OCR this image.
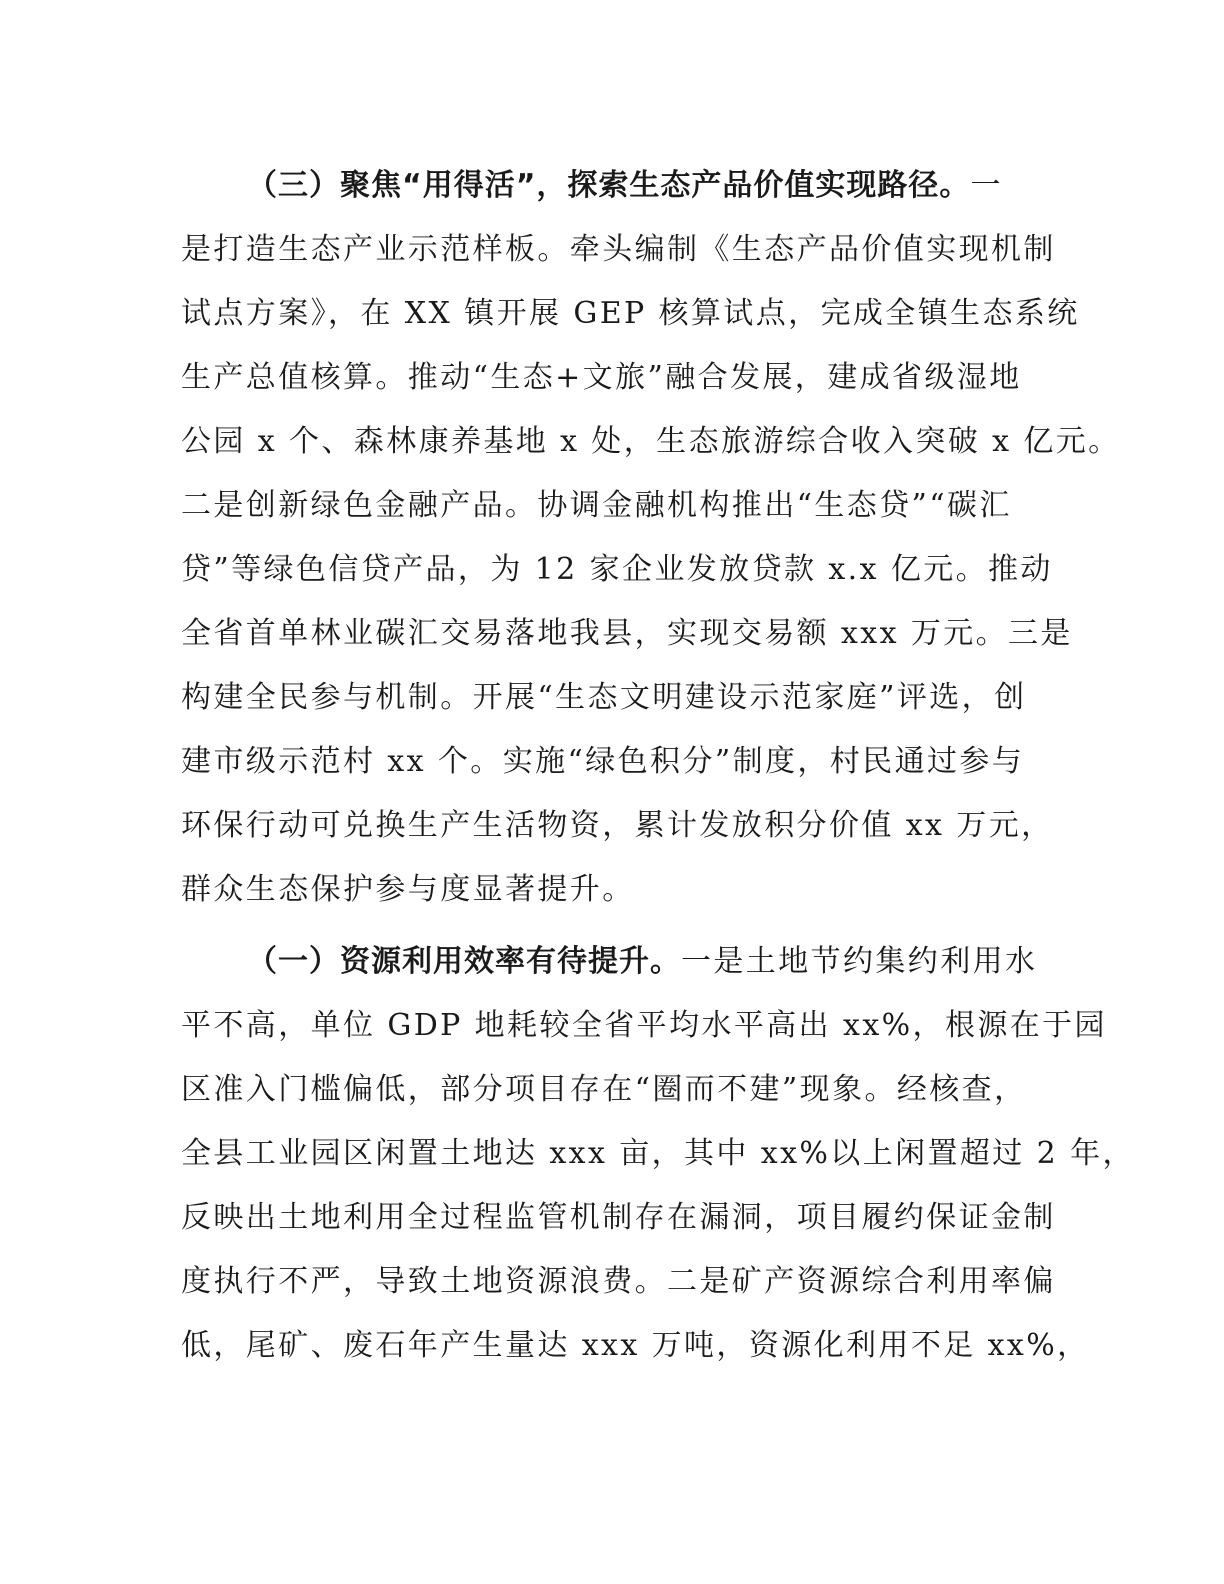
（三）聚焦“用得活”，探索生态产品价值实现路径。一
是打造生态产业示范样板。牵头编制《生态产品价值实现机制
试点方案》，在 XX 镇开展 GEP 核算试点，完成全镇生态系统
生产总值核算。推动“生态+文旅”融合发展，建成省级湿地
公园 x 个、森林康养基地 x 处，生态旅游综合收入突破 x 亿元。
二是创新绿色金融产品。协调金融机构推出“生态贷”“碳汇
贷”等绿色信贷产品，为 12 家企业发放贷款 x.x 亿元。推动
全省首单林业碳汇交易落地我县，实现交易额 xxx 万元。三是
构建全民参与机制。开展“生态文明建设示范家庭”评选，创
建市级示范村 xx 个。实施“绿色积分”制度，村民通过参与
环保行动可兑换生产生活物资，累计发放积分价值 xx 万元，
群众生态保护参与度显著提升。
（一）资源利用效率有待提升。一是土地节约集约利用水
平不高，单位 GDP 地耗较全省平均水平高出 xx%，根源在于园
区准入门槛偏低，部分项目存在“圈而不建”现象。经核查，
全县工业园区闲置土地达 xxx 亩，其中 xx%以上闲置超过 2 年，
反映出土地利用全过程监管机制存在漏洞，项目履约保证金制
度执行不严，导致土地资源浪费。二是矿产资源综合利用率偏
低，尾矿、废石年产生量达 xxx 万吨，资源化利用不足 xx%，
